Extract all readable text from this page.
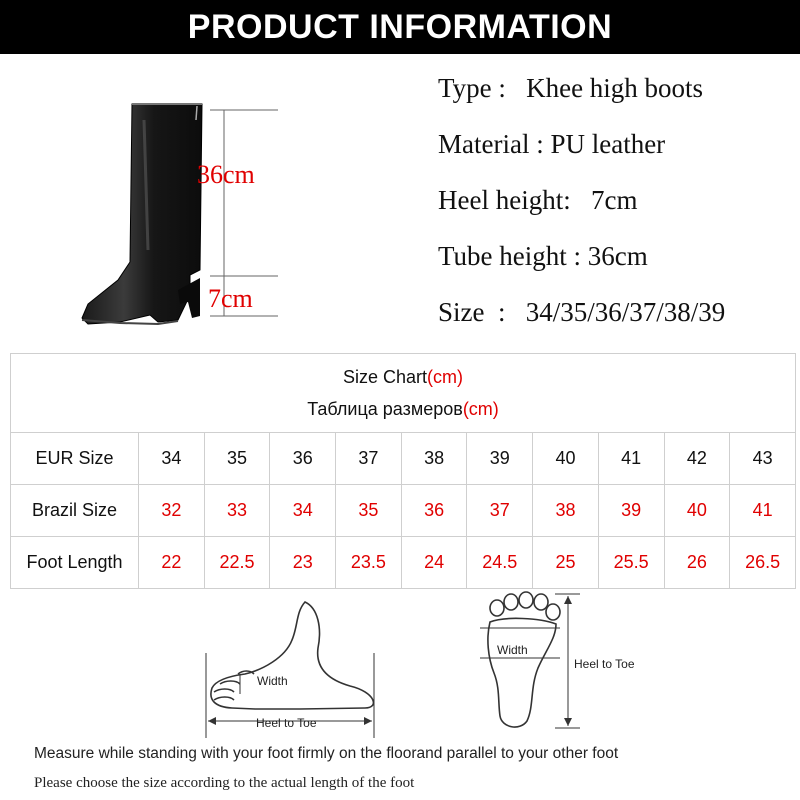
PRODUCT INFORMATION
36cm
7cm
Type :   Khee high boots
Material : PU leather
Heel height:   7cm
Tube height : 36cm
Size  :   34/35/36/37/38/39
Size Chart(cm)
Таблица размеров(cm)										

EUR Size	34	35	36	37	38	39	40	41	42	43
Brazil Size	32	33	34	35	36	37	38	39	40	41
Foot Length	22	22.5	23	23.5	24	24.5	25	25.5	26	26.5
Width
Heel to Toe
Width
Heel to Toe
Measure while standing with your foot firmly on the floorand parallel to your other foot
Please choose the size according to the actual length of the foot
